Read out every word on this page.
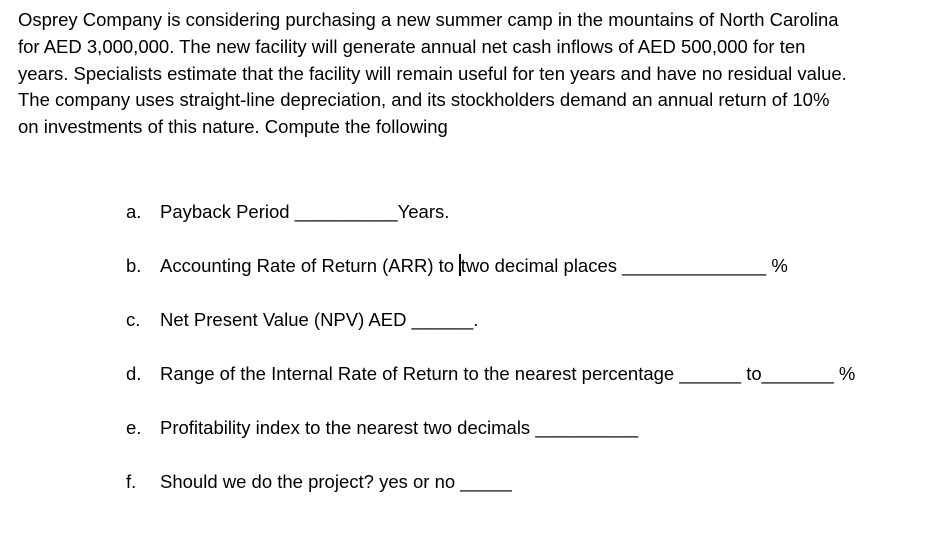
Osprey Company is considering purchasing a new summer camp in the mountains of North Carolina
for AED 3,000,000. The new facility will generate annual net cash inflows of AED 500,000 for ten
years. Specialists estimate that the facility will remain useful for ten years and have no residual value.
The company uses straight-line depreciation, and its stockholders demand an annual return of 10%
on investments of this nature. Compute the following
a.	Payback Period __________Years.
b.	Accounting Rate of Return (ARR) to two decimal places ______________ %
c.	Net Present Value (NPV) AED ______.
d.	Range of the Internal Rate of Return to the nearest percentage ______ to_______ %
e.	Profitability index to the nearest two decimals __________
f.	Should we do the project? yes or no _____
